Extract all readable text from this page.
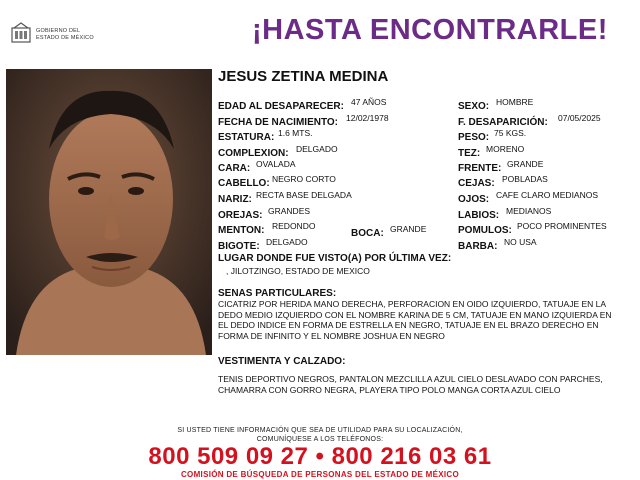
GOBIERNO DEL
ESTADO DE MÉXICO	¡HASTA ENCONTRARLE!
JESUS ZETINA MEDINA
EDAD AL DESAPARECER: 47 AÑOS
FECHA DE NACIMIENTO: 12/02/1978
ESTATURA: 1.6 MTS.
COMPLEXION: DELGADO
CARA: OVALADA
CABELLO: NEGRO CORTO
NARIZ: RECTA BASE DELGADA
OREJAS: GRANDES
MENTON: REDONDO
BOCA: GRANDE
BIGOTE: DELGADO
SEXO: HOMBRE
F. DESAPARICIÓN: 07/05/2025
PESO: 75 KGS.
TEZ: MORENO
FRENTE: GRANDE
CEJAS: POBLADAS
OJOS: CAFE CLARO MEDIANOS
LABIOS: MEDIANOS
POMULOS: POCO PROMINENTES
BARBA: NO USA
LUGAR DONDE FUE VISTO(A) POR ÚLTIMA VEZ:
, JILOTZINGO, ESTADO DE MEXICO
SENAS PARTICULARES:
CICATRIZ POR HERIDA MANO DERECHA, PERFORACION EN OIDO IZQUIERDO, TATUAJE EN LA DEDO MEDIO IZQUIERDO CON EL NOMBRE KARINA DE 5 CM, TATUAJE EN MANO IZQUIERDA EN EL DEDO INDICE EN FORMA DE ESTRELLA EN NEGRO, TATUAJE EN EL BRAZO DERECHO EN FORMA DE INFINITO Y EL NOMBRE JOSHUA EN NEGRO
VESTIMENTA Y CALZADO:
TENIS DEPORTIVO NEGROS, PANTALON MEZCLILLA AZUL CIELO DESLAVADO CON PARCHES, CHAMARRA CON GORRO NEGRA, PLAYERA TIPO POLO MANGA CORTA AZUL CIELO
SI USTED TIENE INFORMACIÓN QUE SEA DE UTILIDAD PARA SU LOCALIZACIÓN,
COMUNÍQUESE A LOS TELÉFONOS:
800 509 09 27 • 800 216 03 61
COMISIÓN DE BÚSQUEDA DE PERSONAS DEL ESTADO DE MÉXICO
